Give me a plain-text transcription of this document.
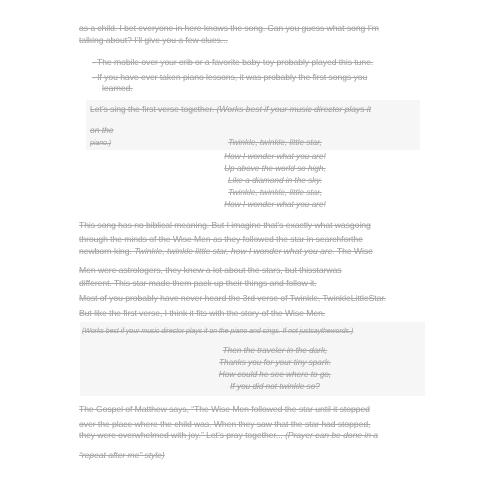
as a child. I bet everyone in here knows the song. Can you guess what song I’m
talking about? I’ll give you a few clues...
- The mobile over your crib or a favorite baby toy probably played this tune.
- If you have ever taken piano lessons, it was probably the first songs you
learned.
Let’s sing the first verse together. (Works best if your music director plays it
on the
piano.)	Twinkle, twinkle, little star,
How I wonder what you are!
Up above the world so high,
Like a diamond in the sky.
Twinkle, twinkle, little star,
How I wonder what you are!
This song has no biblical meaning. But I imagine that’s exactly what wasgoing
through the minds of the Wise Men as they followed the star in searchforthe
newborn king. Twinkle, twinkle little star, how I wonder what you are. The Wise
Men were astrologers, they knew a lot about the stars, but thisstarwas
different. This star made them pack up their things and follow it.
Most of you probably have never heard the 3rd verse of Twinkle, TwinkleLittleStar.
But like the first verse, I think it fits with the story of the Wise Men.
(Works best if your music director plays it on the piano and sings. If not justsaythewords.)
Then the traveler in the dark,
Thanks you for your tiny spark.
How could he see where to go,
If you did not twinkle so?
The Gospel of Matthew says, “The Wise Men followed the star until it stopped
over the place where the child was. When they saw that the star had stopped,
they were overwhelmed with joy.” Let’s pray together... (Prayer can be done in a
“repeat after me” style)
